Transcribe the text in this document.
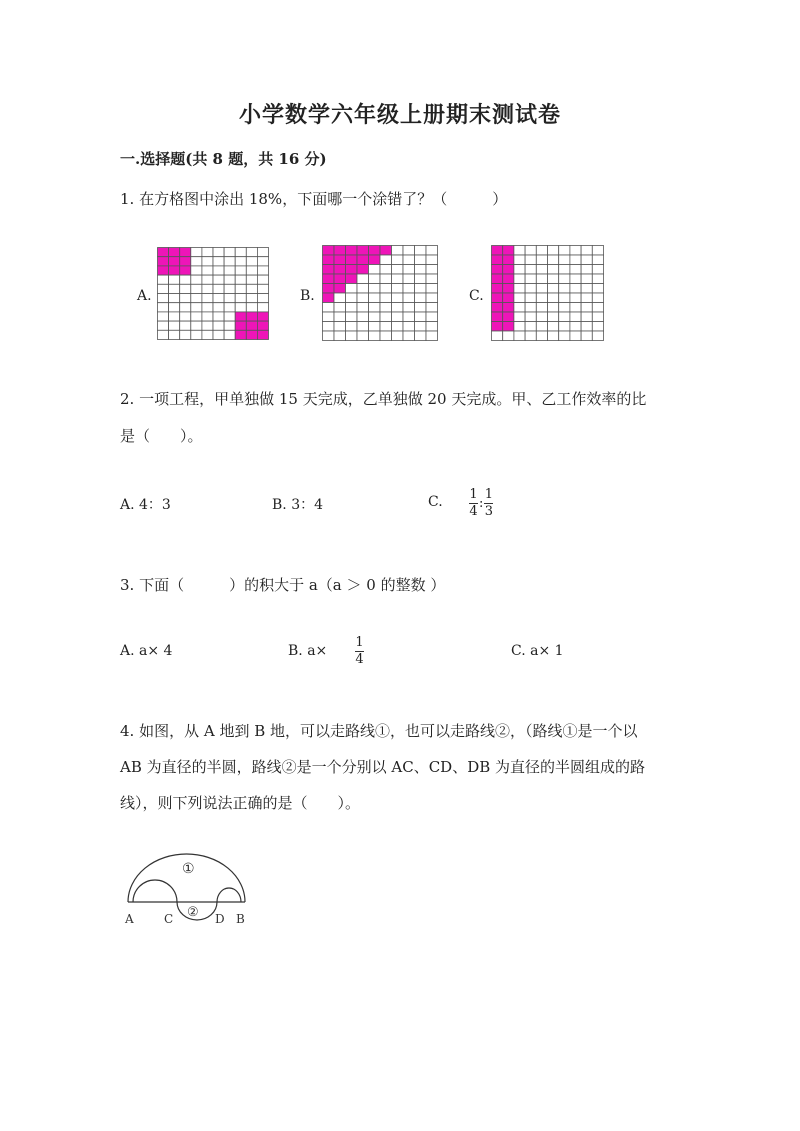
小学数学六年级上册期末测试卷
一.选择题(共 8 题，共 16 分)
1. 在方格图中涂出 18%，下面哪一个涂错了？（　　　）
A.	B.	C.
2. 一项工程，甲单独做 15 天完成，乙单独做 20 天完成。甲、乙工作效率的比
是（　　）。
A. 4：3	B. 3：4	C. $\frac{1}{4}$ : $\frac{1}{3}$
3. 下面（　　　）的积大于 a（a ＞ 0 的整数 ）
A. a× 4	B. a×
1
4
C. a× 1
4. 如图，从 A 地到 B 地，可以走路线①，也可以走路线②，（路线①是一个以
AB 为直径的半圆，路线②是一个分别以 AC、CD、DB 为直径的半圆组成的路
线），则下列说法正确的是（　　）。
①
②
A	C	D B
